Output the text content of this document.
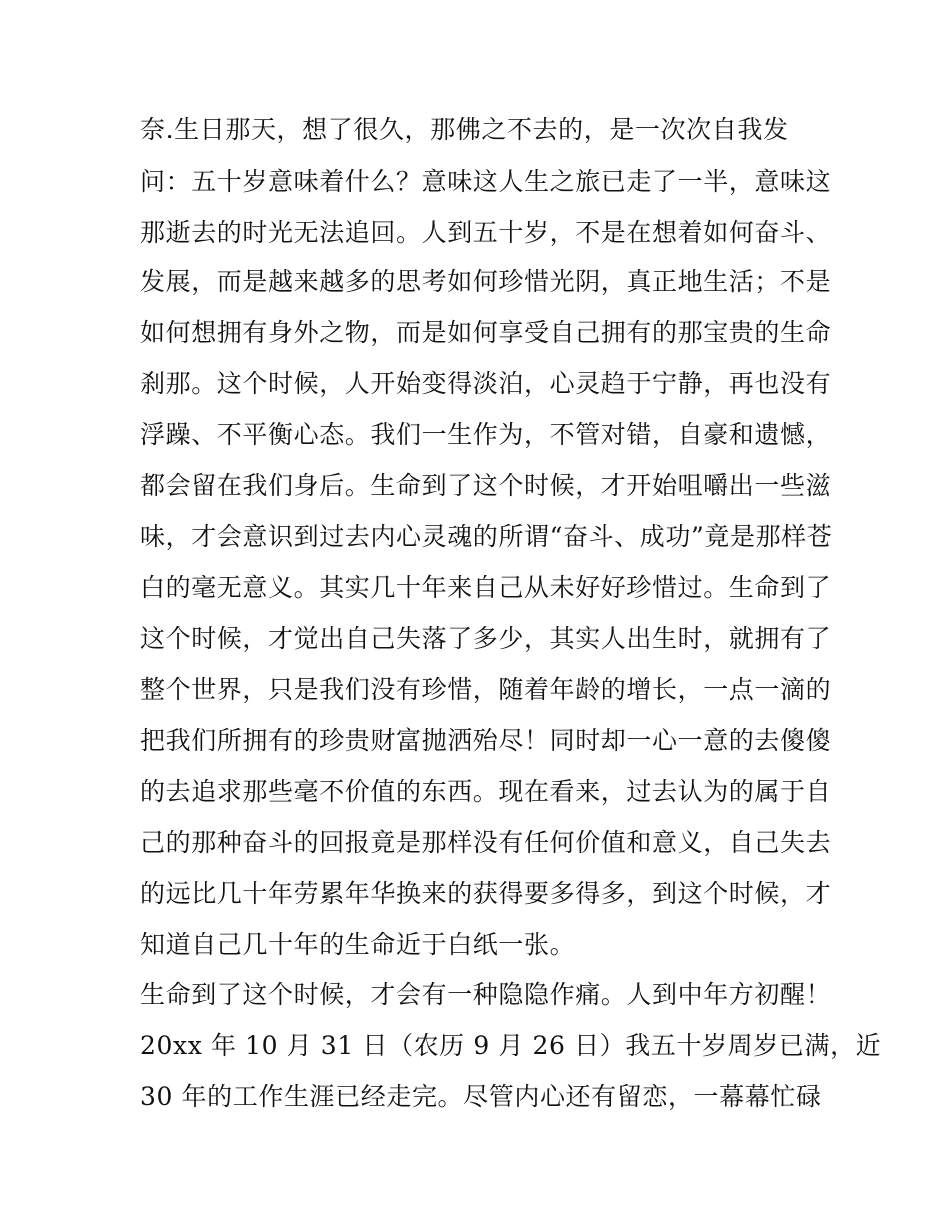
奈.生日那天，想了很久，那佛之不去的，是一次次自我发
问：五十岁意味着什么？意味这人生之旅已走了一半，意味这
那逝去的时光无法追回。人到五十岁，不是在想着如何奋斗、
发展，而是越来越多的思考如何珍惜光阴，真正地生活；不是
如何想拥有身外之物，而是如何享受自己拥有的那宝贵的生命
刹那。这个时候，人开始变得淡泊，心灵趋于宁静，再也没有
浮躁、不平衡心态。我们一生作为，不管对错，自豪和遗憾，
都会留在我们身后。生命到了这个时候，才开始咀嚼出一些滋
味，才会意识到过去内心灵魂的所谓“奋斗、成功”竟是那样苍
白的毫无意义。其实几十年来自己从未好好珍惜过。生命到了
这个时候，才觉出自己失落了多少，其实人出生时，就拥有了
整个世界，只是我们没有珍惜，随着年龄的增长，一点一滴的
把我们所拥有的珍贵财富抛洒殆尽！同时却一心一意的去傻傻
的去追求那些毫不价值的东西。现在看来，过去认为的属于自
己的那种奋斗的回报竟是那样没有任何价值和意义，自己失去
的远比几十年劳累年华换来的获得要多得多，到这个时候，才
知道自己几十年的生命近于白纸一张。
生命到了这个时候，才会有一种隐隐作痛。人到中年方初醒！
20xx 年 10 月 31 日（农历 9 月 26 日）我五十岁周岁已满，近
30 年的工作生涯已经走完。尽管内心还有留恋，一幕幕忙碌
